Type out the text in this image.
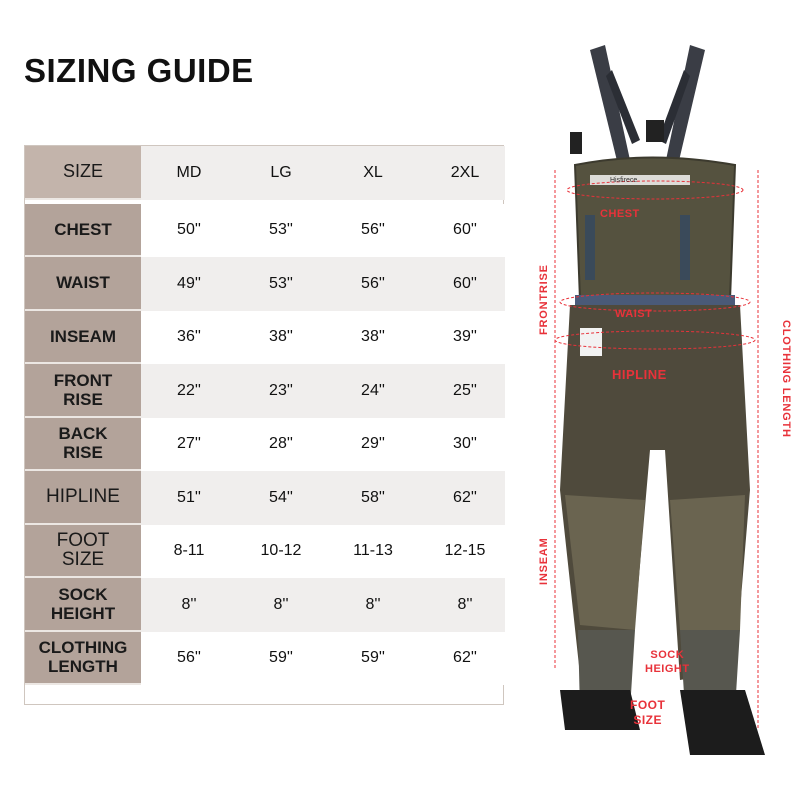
SIZING GUIDE
SIZE	MD	LG	XL	2XL
CHEST	50''	53''	56''	60''
WAIST	49''	53''	56''	60''
INSEAM	36''	38''	38''	39''
FRONT
RISE	22''	23''	24''	25''
BACK
RISE	27''	28''	29''	30''
HIPLINE	51''	54''	58''	62''
FOOT
SIZE	8-11	10-12	11-13	12-15
SOCK
HEIGHT	8''	8''	8''	8''
CLOTHING
LENGTH	56''	59''	59''	62''
CHEST
WAIST
HIPLINE
FRONTRISE
INSEAM
CLOTHING LENGTH
SOCK
HEIGHT
FOOT
SIZE
Hisfirece
